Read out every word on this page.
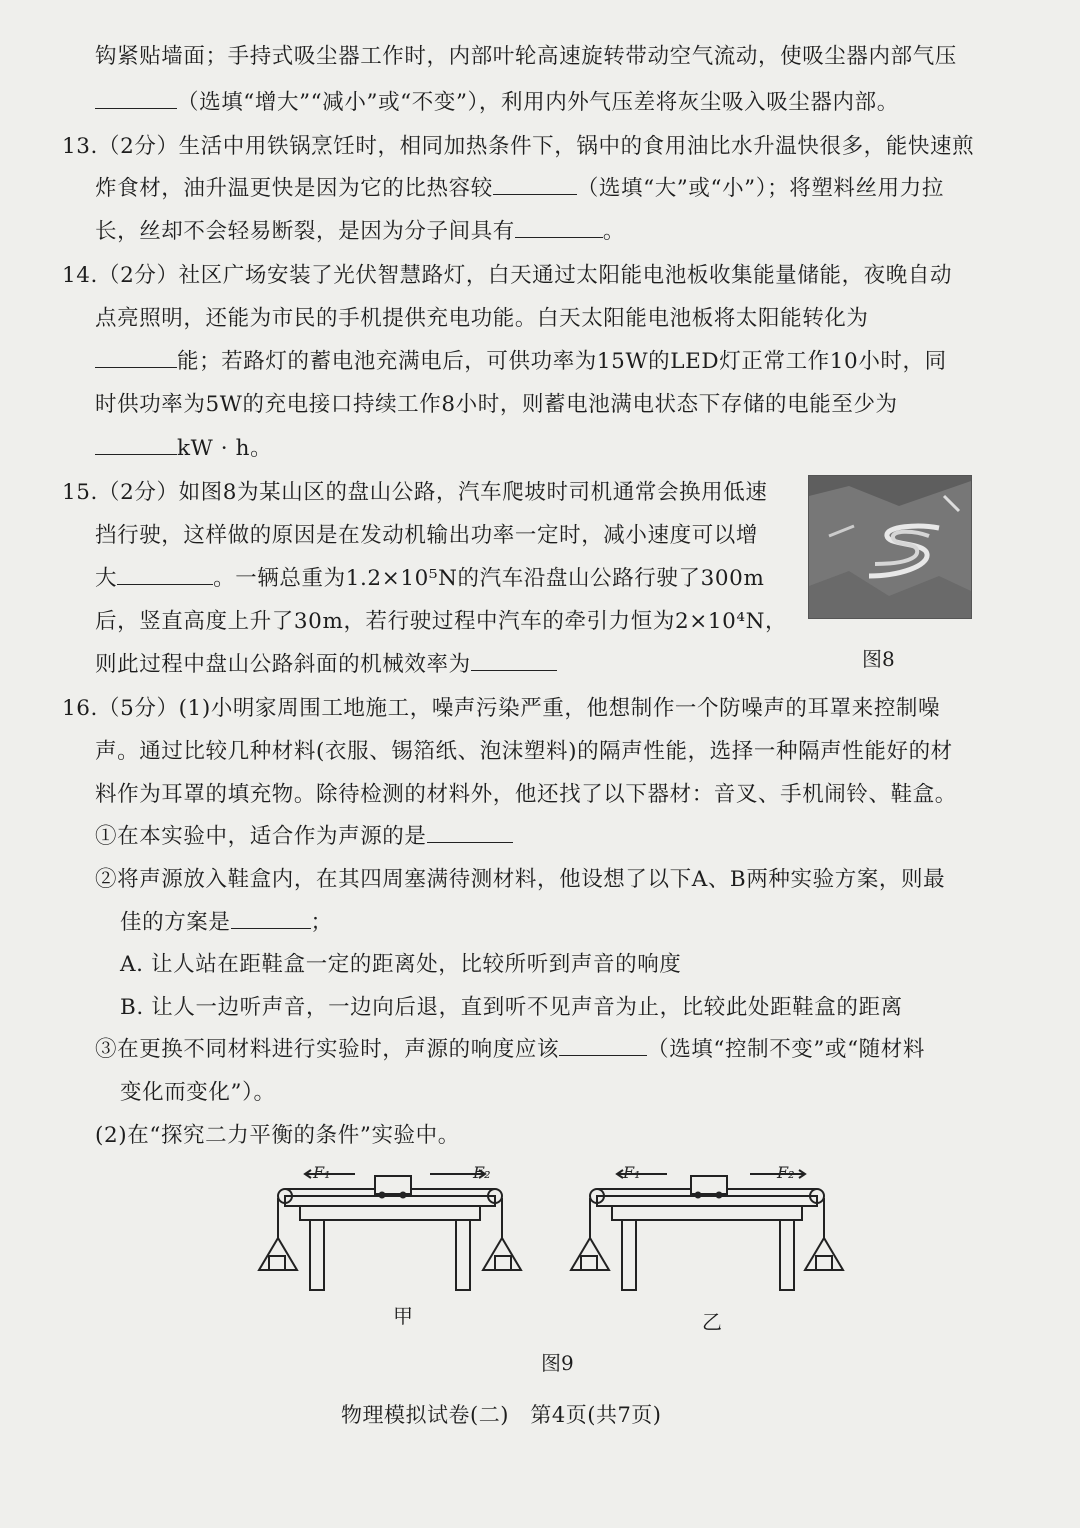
钩紧贴墙面；手持式吸尘器工作时，内部叶轮高速旋转带动空气流动，使吸尘器内部气压
（选填“增大”“减小”或“不变”），利用内外气压差将灰尘吸入吸尘器内部。
13.（2分）生活中用铁锅烹饪时，相同加热条件下，锅中的食用油比水升温快很多，能快速煎
炸食材，油升温更快是因为它的比热容较	（选填“大”或“小”）；将塑料丝用力拉
长，丝却不会轻易断裂，是因为分子间具有	。
14.（2分）社区广场安装了光伏智慧路灯，白天通过太阳能电池板收集能量储能，夜晚自动
点亮照明，还能为市民的手机提供充电功能。白天太阳能电池板将太阳能转化为
能；若路灯的蓄电池充满电后，可供功率为15W的LED灯正常工作10小时，同
时供功率为5W的充电接口持续工作8小时，则蓄电池满电状态下存储的电能至少为
kW · h。
15.（2分）如图8为某山区的盘山公路，汽车爬坡时司机通常会换用低速
挡行驶，这样做的原因是在发动机输出功率一定时，减小速度可以增
大	。一辆总重为1.2×10⁵N的汽车沿盘山公路行驶了300m
后，竖直高度上升了30m，若行驶过程中汽车的牵引力恒为2×10⁴N，
则此过程中盘山公路斜面的机械效率为	图8
16.（5分）(1)小明家周围工地施工，噪声污染严重，他想制作一个防噪声的耳罩来控制噪
声。通过比较几种材料(衣服、锡箔纸、泡沫塑料)的隔声性能，选择一种隔声性能好的材
料作为耳罩的填充物。除待检测的材料外，他还找了以下器材：音叉、手机闹铃、鞋盒。
①在本实验中，适合作为声源的是
②将声源放入鞋盒内，在其四周塞满待测材料，他设想了以下A、B两种实验方案，则最
佳的方案是	；
A. 让人站在距鞋盒一定的距离处，比较所听到声音的响度
B. 让人一边听声音，一边向后退，直到听不见声音为止，比较此处距鞋盒的距离
③在更换不同材料进行实验时，声源的响度应该	（选填“控制不变”或“随材料
变化而变化”）。
(2)在“探究二力平衡的条件”实验中。
F₁	F₂	F₁	F₂
甲	乙
图9
物理模拟试卷(二)　第4页(共7页)
